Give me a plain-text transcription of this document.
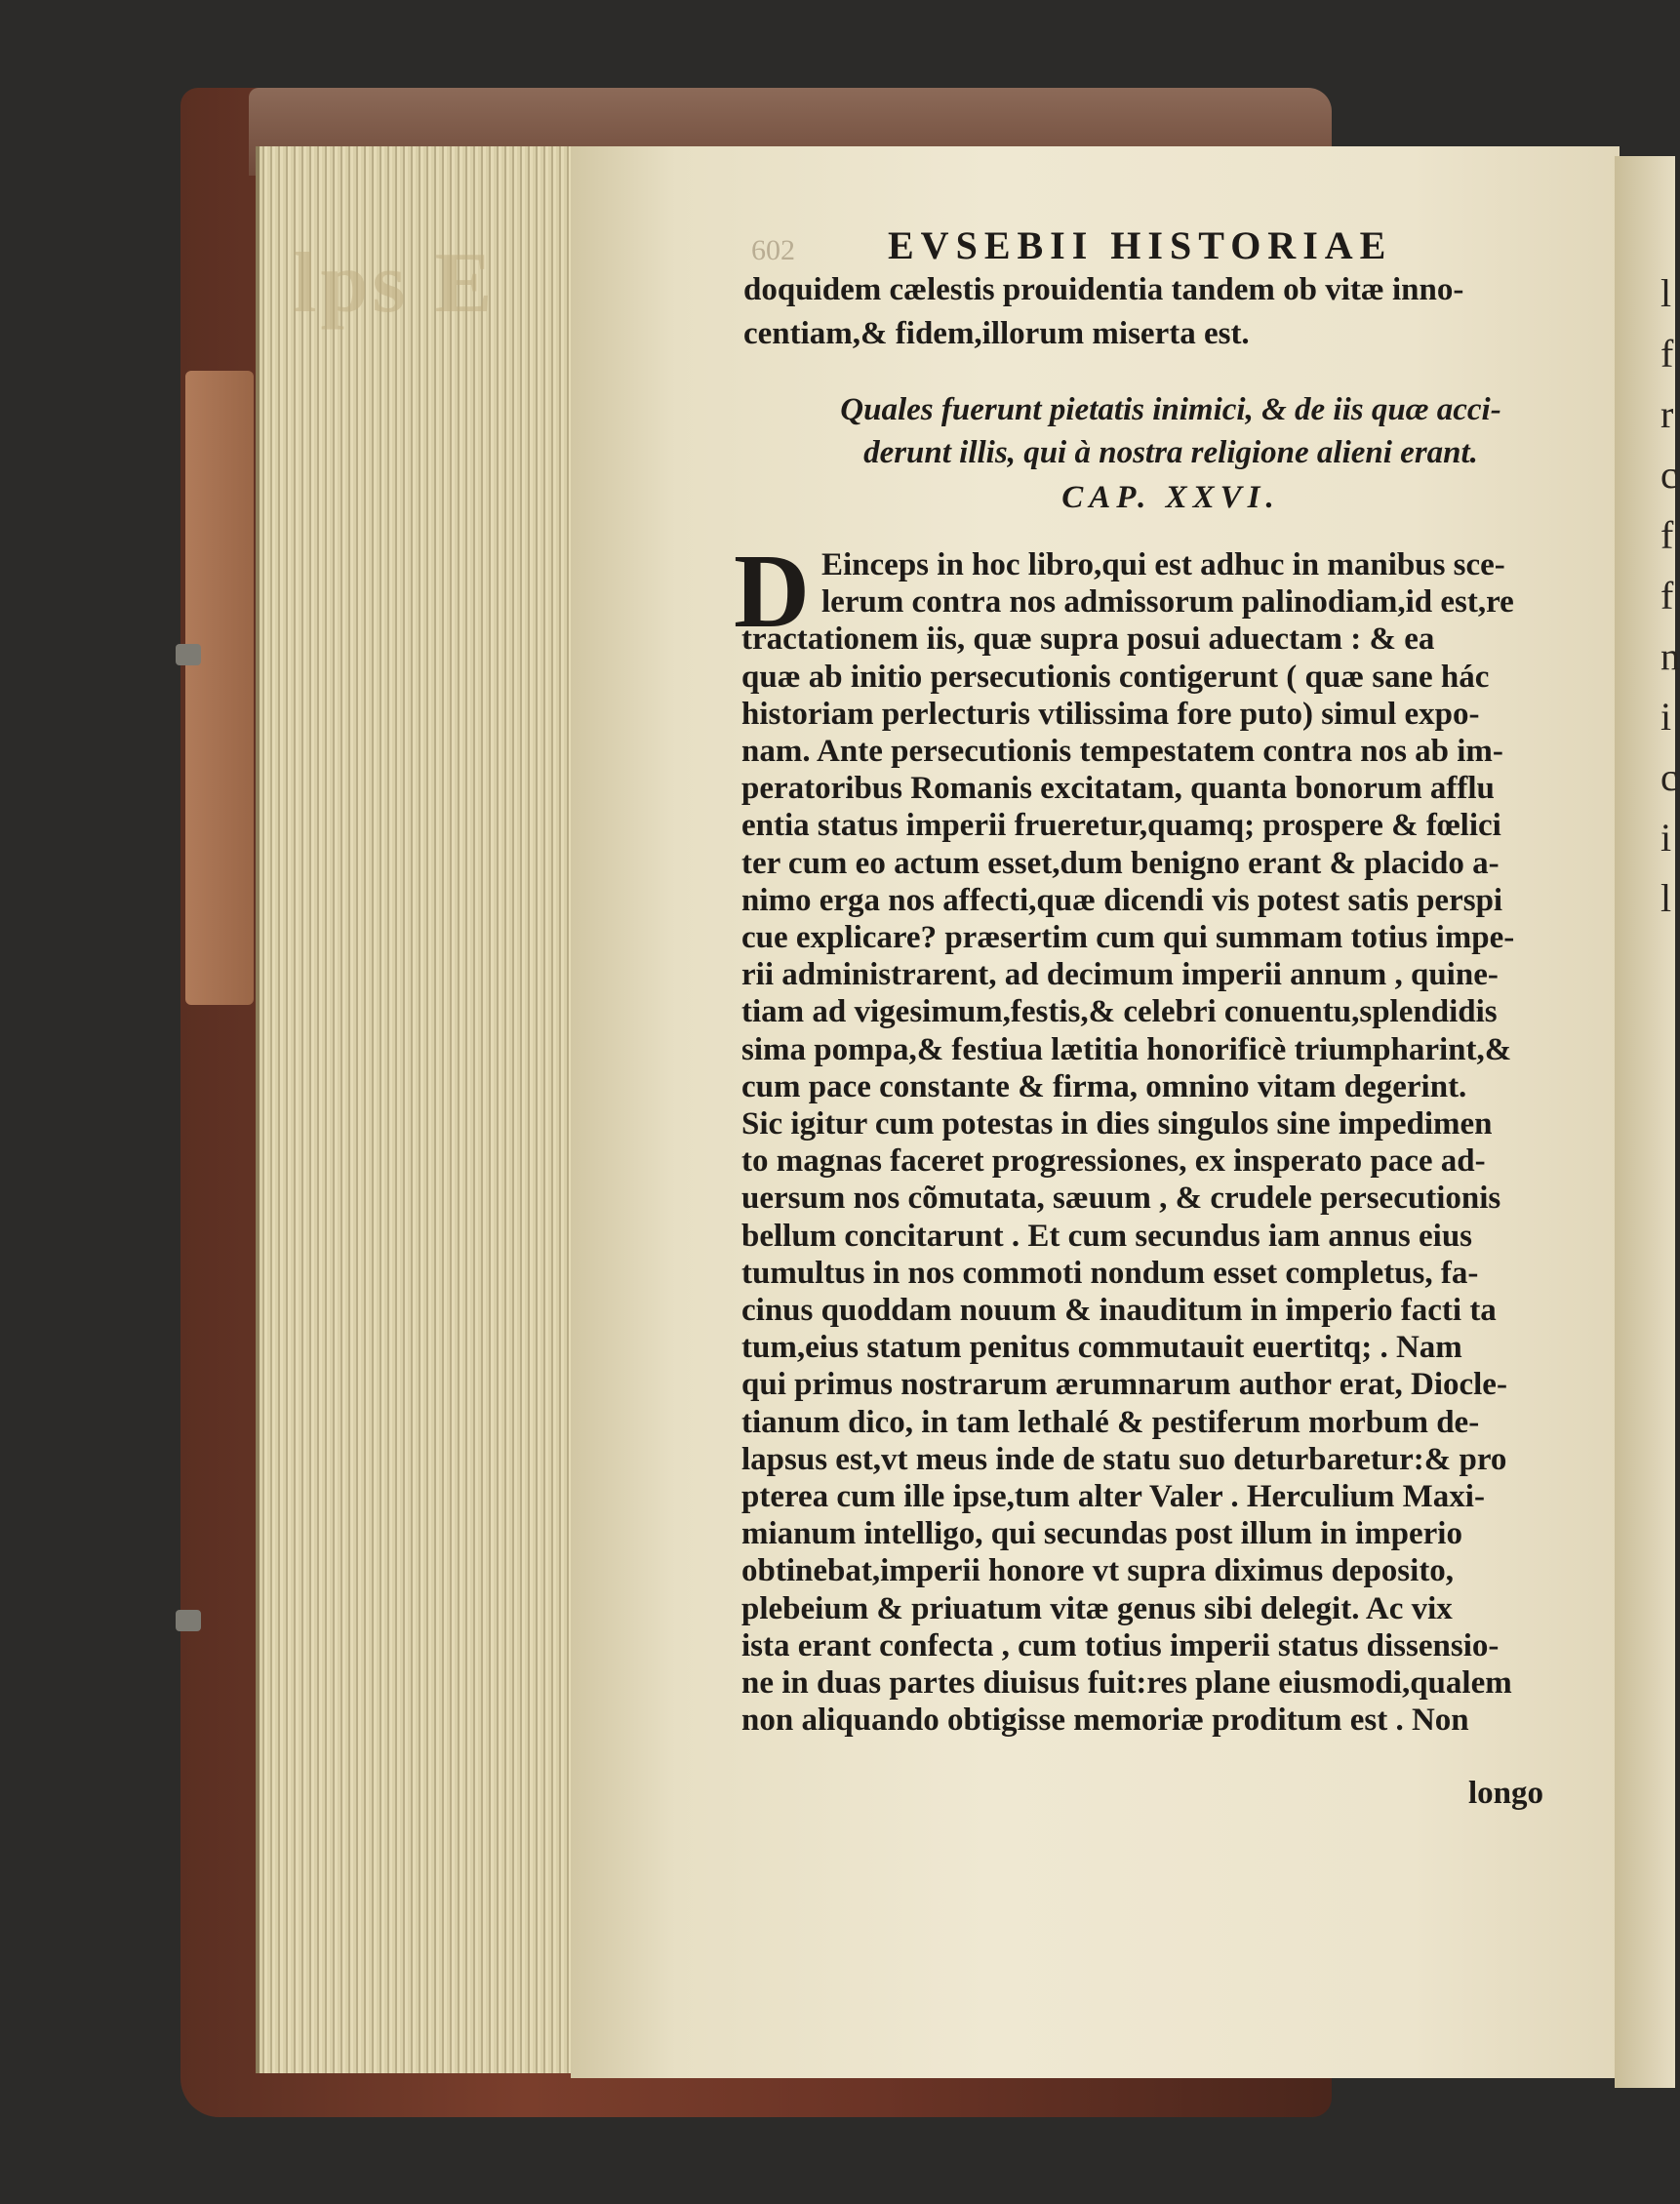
lps E	l
f
r
c
f
f
n
i
c
i
l
602	EVSEBII HISTORIAE
doquidem cælestis prouidentia tandem ob vitæ inno-
centiam,& fidem,illorum miserta est.
Quales fuerunt pietatis inimici, & de iis quæ acci-
derunt illis, qui à nostra religione alieni erant.
CAP. XXVI.
D Einceps in hoc libro,qui est adhuc in manibus sce-
lerum contra nos admissorum palinodiam,id est,re
tractationem iis, quæ supra posui aduectam : & ea
quæ ab initio persecutionis contigerunt ( quæ sane hác
historiam perlecturis vtilissima fore puto) simul expo-
nam. Ante persecutionis tempestatem contra nos ab im-
peratoribus Romanis excitatam, quanta bonorum afflu
entia status imperii frueretur,quamq; prospere & fœlici
ter cum eo actum esset,dum benigno erant & placido a-
nimo erga nos affecti,quæ dicendi vis potest satis perspi
cue explicare? præsertim cum qui summam totius impe-
rii administrarent, ad decimum imperii annum , quine-
tiam ad vigesimum,festis,& celebri conuentu,splendidis
sima pompa,& festiua lætitia honorificè triumpharint,&
cum pace constante & firma, omnino vitam degerint.
Sic igitur cum potestas in dies singulos sine impedimen
to magnas faceret progressiones, ex insperato pace ad-
uersum nos cõmutata, sæuum , & crudele persecutionis
bellum concitarunt . Et cum secundus iam annus eius
tumultus in nos commoti nondum esset completus, fa-
cinus quoddam nouum & inauditum in imperio facti ta
tum,eius statum penitus commutauit euertitq; . Nam
qui primus nostrarum ærumnarum author erat, Diocle-
tianum dico, in tam lethalé & pestiferum morbum de-
lapsus est,vt meus inde de statu suo deturbaretur:& pro
pterea cum ille ipse,tum alter Valer . Herculium Maxi-
mianum intelligo, qui secundas post illum in imperio
obtinebat,imperii honore vt supra diximus deposito,
plebeium & priuatum vitæ genus sibi delegit. Ac vix
ista erant confecta , cum totius imperii status dissensio-
ne in duas partes diuisus fuit:res plane eiusmodi,qualem
non aliquando obtigisse memoriæ proditum est . Non
longo
